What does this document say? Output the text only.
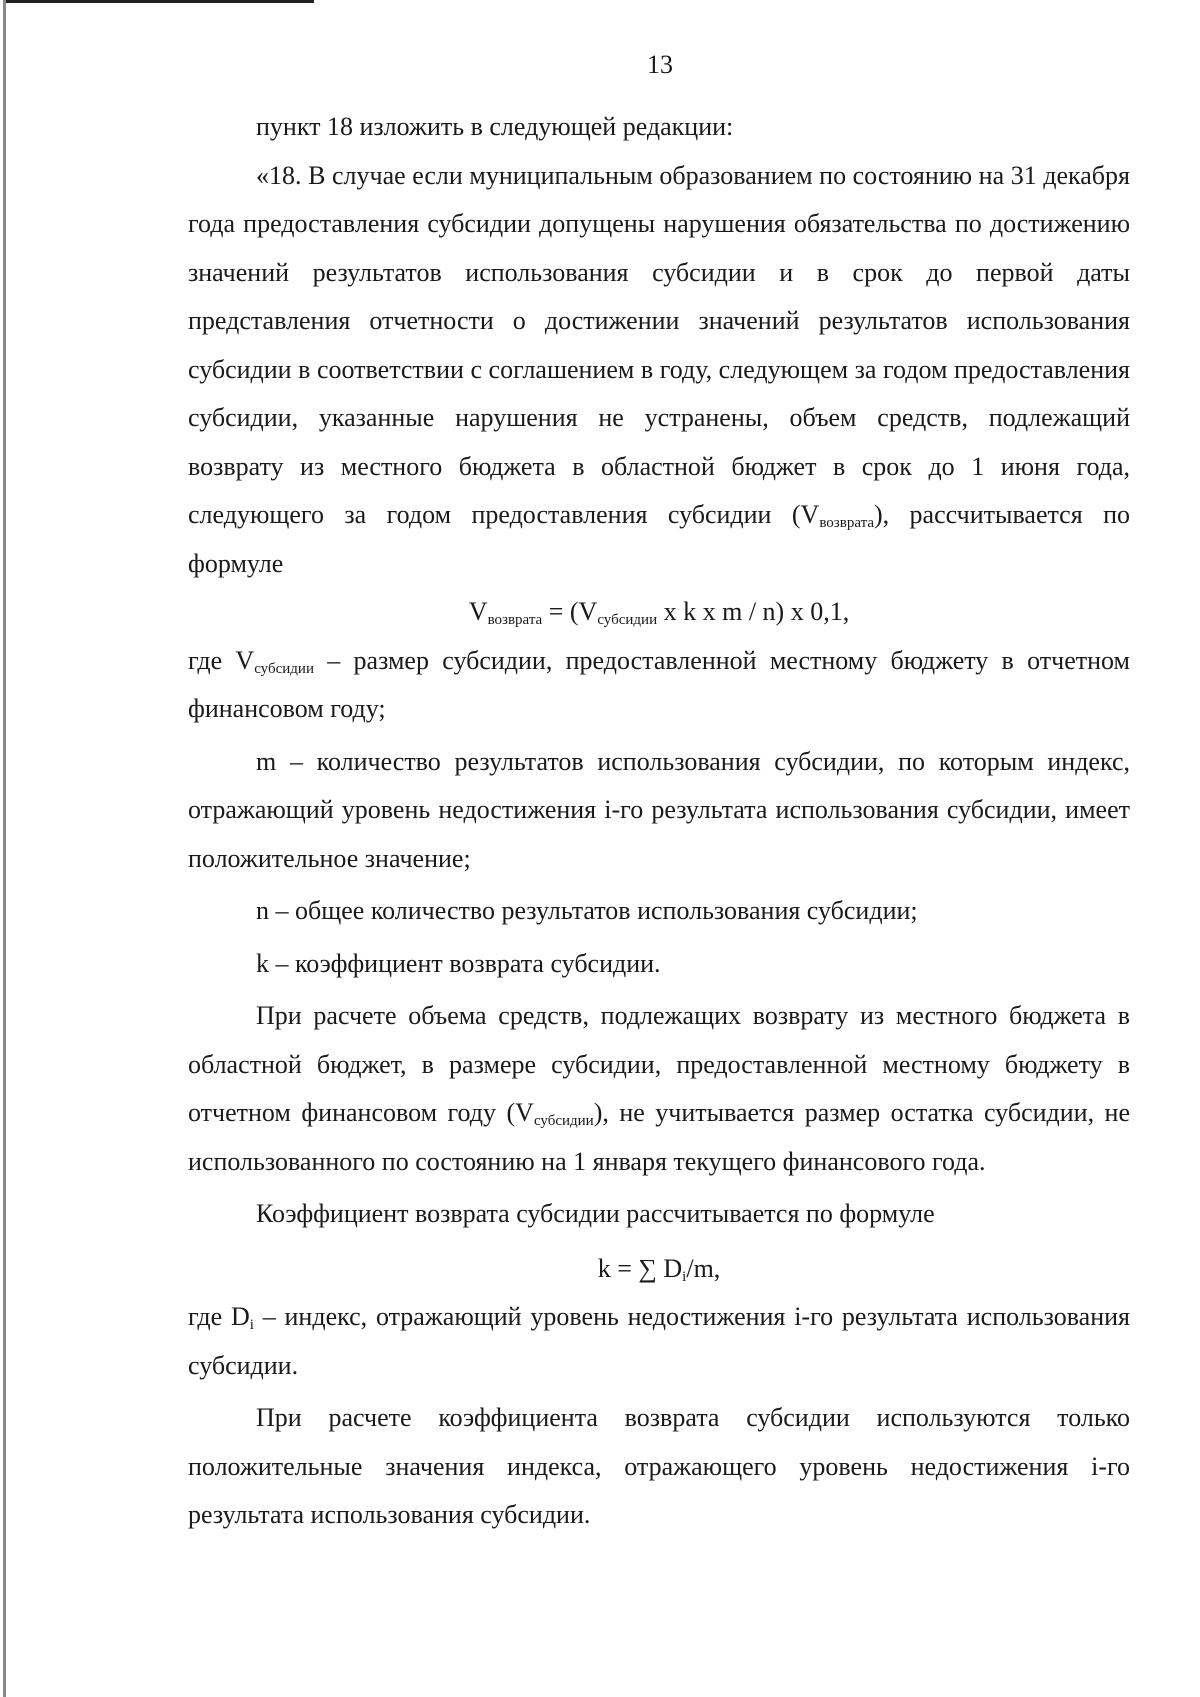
13

пункт 18 изложить в следующей редакции:

«18. В случае если муниципальным образованием по состоянию на 31 декабря года предоставления субсидии допущены нарушения обязательства по достижению значений результатов использования субсидии и в срок до первой даты представления отчетности о достижении значений результатов использования субсидии в соответствии с соглашением в году, следующем за годом предоставления субсидии, указанные нарушения не устранены, объем средств, подлежащий возврату из местного бюджета в областной бюджет в срок до 1 июня года, следующего за годом предоставления субсидии $(V_{возврата})$, рассчитывается по формуле

$V_{возврата} = (V_{субсидии}$ x k x m / n) x 0,1,

где $V_{субсидии}$ – размер субсидии, предоставленной местному бюджету в отчетном финансовом году;

m – количество результатов использования субсидии, по которым индекс, отражающий уровень недостижения i-го результата использования субсидии, имеет положительное значение;

n – общее количество результатов использования субсидии;

k – коэффициент возврата субсидии.

При расчете объема средств, подлежащих возврату из местного бюджета в областной бюджет, в размере субсидии, предоставленной местному бюджету в отчетном финансовом году $(V_{субсидии})$, не учитывается размер остатка субсидии, не использованного по состоянию на 1 января текущего финансового года.

Коэффициент возврата субсидии рассчитывается по формуле

k = ∑ $D_i/m$,

где $D_i$ – индекс, отражающий уровень недостижения i-го результата использования субсидии.

При расчете коэффициента возврата субсидии используются только положительные значения индекса, отражающего уровень недостижения i-го результата использования субсидии.
